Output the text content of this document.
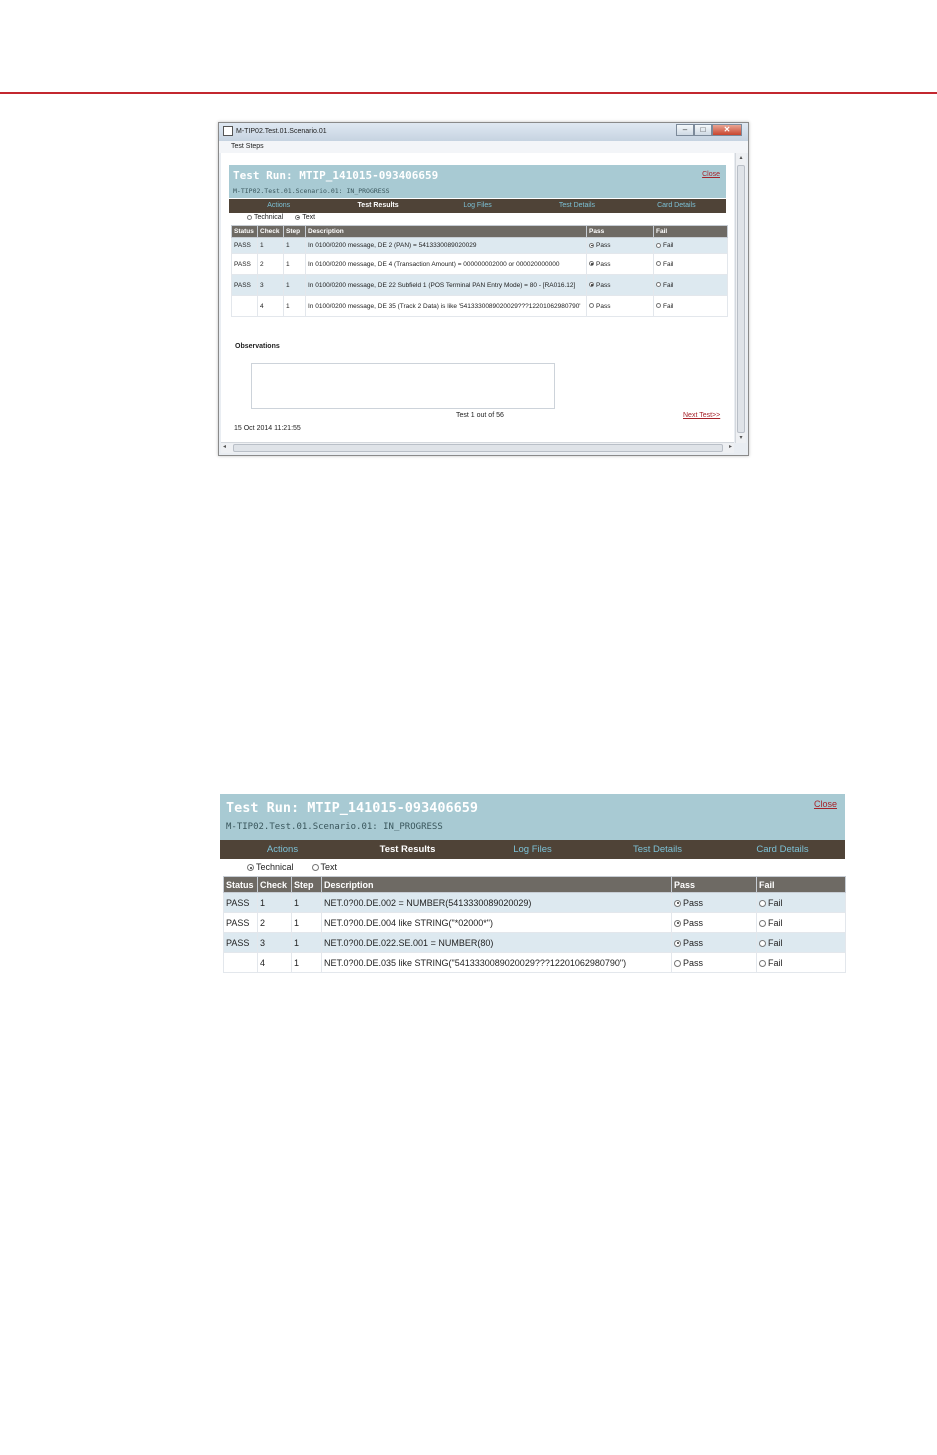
M-TIP02.Test.01.Scenario.01	–	□	✕
Test Steps
Test Run: MTIP_141015-093406659
M-TIP02.Test.01.Scenario.01: IN_PROGRESS
Close
Actions	Test Results	Log Files	Test Details	Card Details
Technical	Text
Status	Check	Step	Description	Pass	Fail
PASS	1	1	In 0100/0200 message, DE 2 (PAN) = 5413330089020029	Pass	Fail
PASS	2	1	In 0100/0200 message, DE 4 (Transaction Amount) = 000000002000 or 000020000000	Pass	Fail
PASS	3	1	In 0100/0200 message, DE 22 Subfield 1 (POS Terminal PAN Entry Mode) = 80 - [RA016.12]	Pass	Fail
	4	1	In 0100/0200 message, DE 35 (Track 2 Data) is like '5413330089020029???12201062980790'	Pass	Fail
Observations
Test 1 out of 56	Next Test>>
15 Oct 2014 11:21:55
▴
▾
◂	▸
Test Run: MTIP_141015-093406659
M-TIP02.Test.01.Scenario.01: IN_PROGRESS
Close
Actions	Test Results	Log Files	Test Details	Card Details
Technical	Text
Status	Check	Step	Description	Pass	Fail
PASS	1	1	NET.0?00.DE.002 = NUMBER(5413330089020029)	Pass	Fail
PASS	2	1	NET.0?00.DE.004 like STRING("*02000*")	Pass	Fail
PASS	3	1	NET.0?00.DE.022.SE.001 = NUMBER(80)	Pass	Fail
	4	1	NET.0?00.DE.035 like STRING("5413330089020029???12201062980790")	Pass	Fail
